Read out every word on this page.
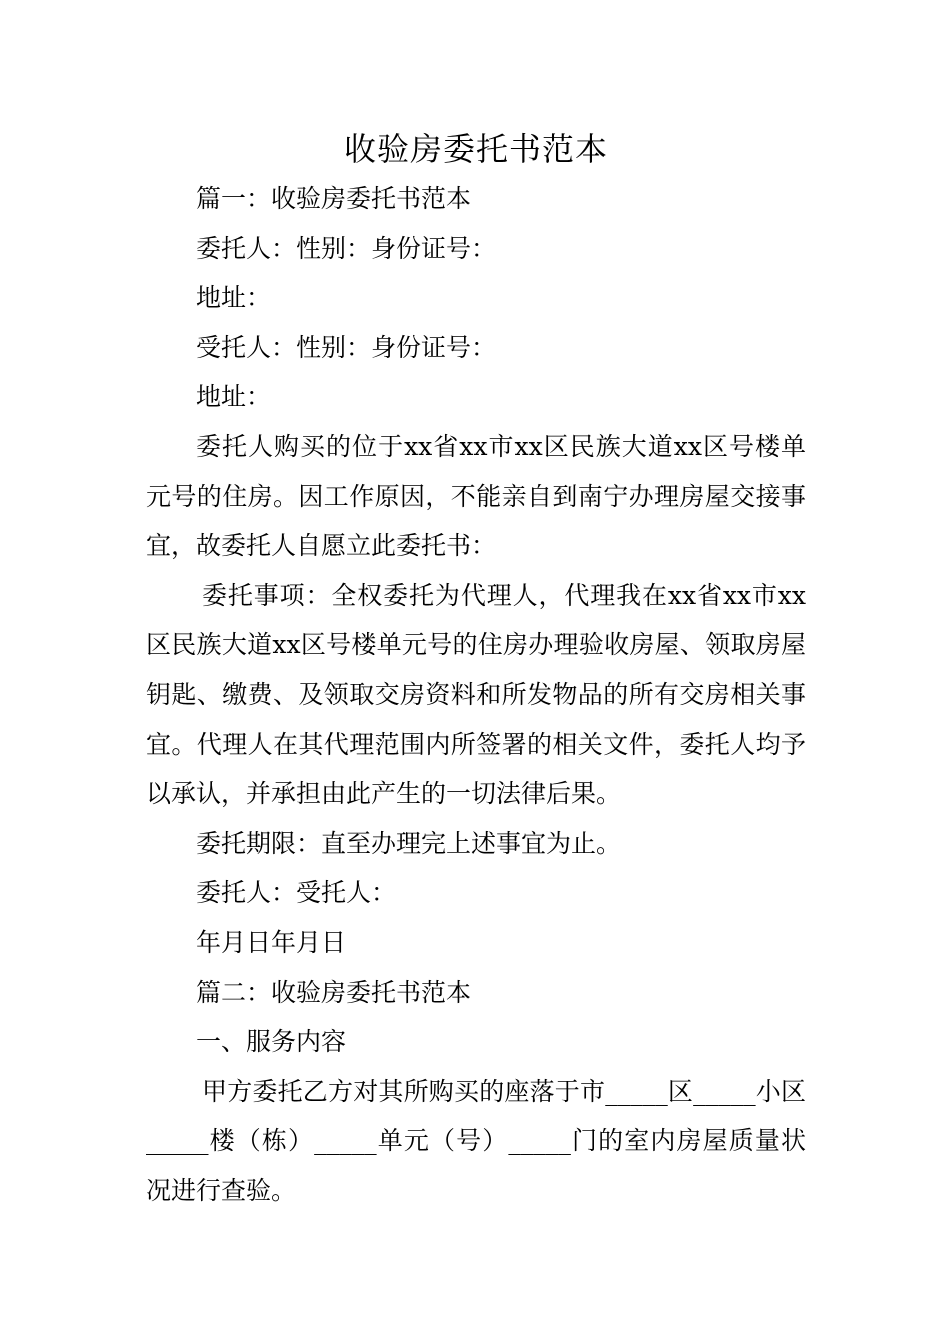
收验房委托书范本

篇一：收验房委托书范本

委托人：性别：身份证号：

地址：

受托人：性别：身份证号：

地址：

委托人购买的位于xx省xx市xx区民族大道xx区号楼单元号的住房。因工作原因，不能亲自到南宁办理房屋交接事宜，故委托人自愿立此委托书：

委托事项：全权委托为代理人，代理我在xx省xx市xx区民族大道xx区号楼单元号的住房办理验收房屋、领取房屋钥匙、缴费、及领取交房资料和所发物品的所有交房相关事宜。代理人在其代理范围内所签署的相关文件，委托人均予以承认，并承担由此产生的一切法律后果。

委托期限：直至办理完上述事宜为止。

委托人：受托人：

年月日年月日

篇二：收验房委托书范本

一、服务内容

甲方委托乙方对其所购买的座落于市_____区_____小区_____楼（栋）_____单元（号）_____门的室内房屋质量状况进行查验。
